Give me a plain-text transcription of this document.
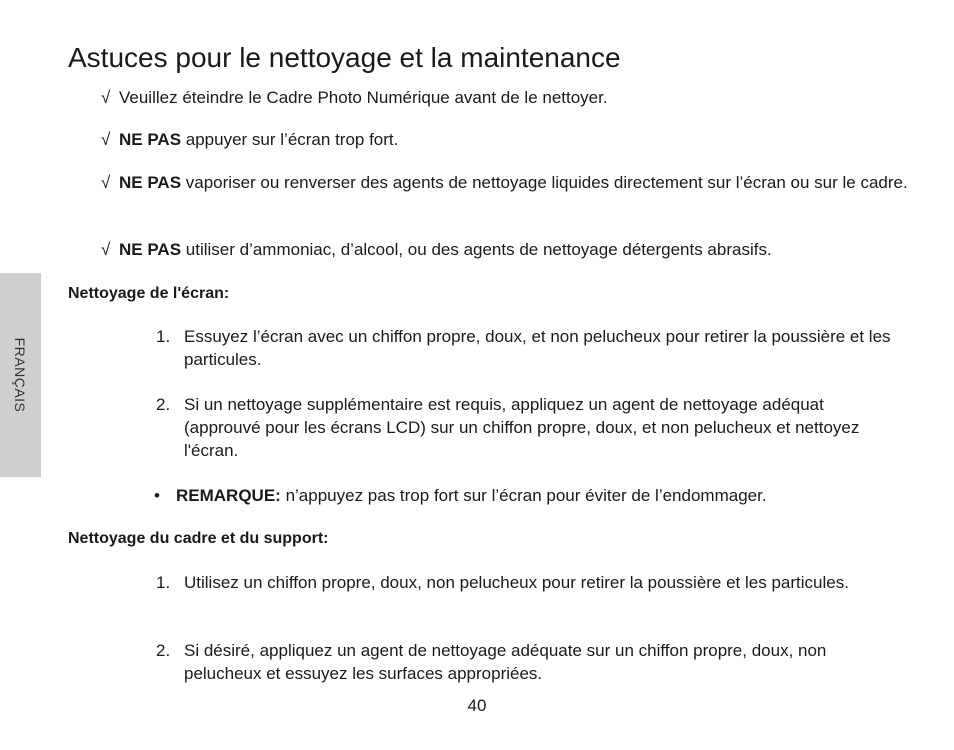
FRANÇAIS
Astuces pour le nettoyage et la maintenance

√ Veuillez éteindre le Cadre Photo Numérique avant de le nettoyer.

√ NE PAS appuyer sur l’écran trop fort.

√ NE PAS vaporiser ou renverser des agents de nettoyage liquides directement sur l’écran ou sur le cadre.

√ NE PAS utiliser d’ammoniac, d’alcool, ou des agents de nettoyage détergents abrasifs.

Nettoyage de l'écran:

1. Essuyez l’écran avec un chiffon propre, doux, et non pelucheux pour retirer la poussière et les particules.

2. Si un nettoyage supplémentaire est requis, appliquez un agent de nettoyage adéquat (approuvé pour les écrans LCD) sur un chiffon propre, doux, et non pelucheux et nettoyez l'écran.

• REMARQUE: n’appuyez pas trop fort sur l’écran pour éviter de l’endommager.

Nettoyage du cadre et du support:

1. Utilisez un chiffon propre, doux, non pelucheux pour retirer la poussière et les particules.

2. Si désiré, appliquez un agent de nettoyage adéquate sur un chiffon propre, doux, non pelucheux et essuyez les surfaces appropriées.

40
